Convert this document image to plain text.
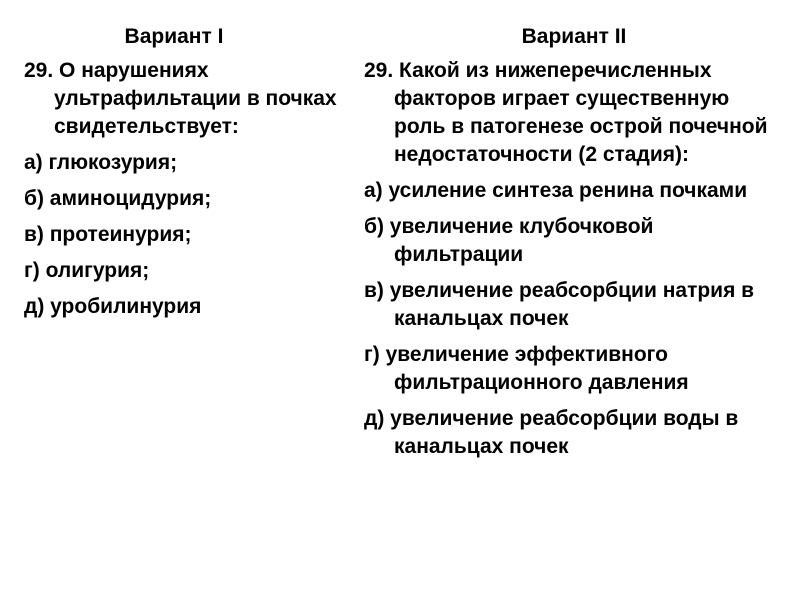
Вариант I
29. О нарушениях ультрафильтации в почках свидетельствует:
а) глюкозурия;
б) аминоцидурия;
в) протеинурия;
г) олигурия;
д) уробилинурия
Вариант II
29. Какой из нижеперечисленных факторов играет существенную роль в патогенезе острой почечной недостаточности (2 стадия):
а) усиление синтеза ренина почками
б) увеличение клубочковой фильтрации
в) увеличение реабсорбции натрия в канальцах почек
г) увеличение эффективного фильтрационного давления
д) увеличение реабсорбции воды в канальцах почек
